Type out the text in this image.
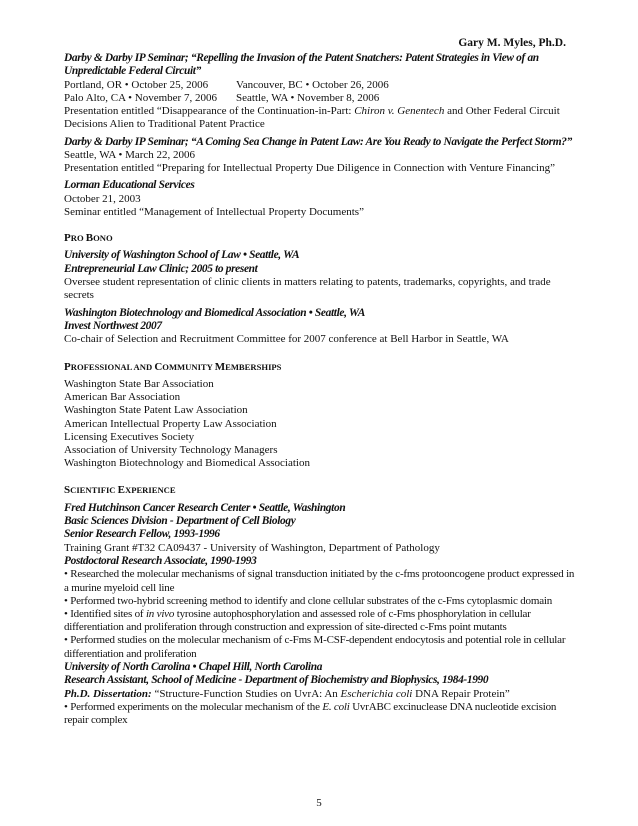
Gary M. Myles, Ph.D.
Darby & Darby IP Seminar; “Repelling the Invasion of the Patent Snatchers: Patent Strategies in View of an Unpredictable Federal Circuit”
Portland, OR • October 25, 2006	Vancouver, BC • October 26, 2006
Palo Alto, CA • November 7, 2006	Seattle, WA • November 8, 2006
Presentation entitled “Disappearance of the Continuation-in-Part: Chiron v. Genentech and Other Federal Circuit Decisions Alien to Traditional Patent Practice
Darby & Darby IP Seminar; “A Coming Sea Change in Patent Law: Are You Ready to Navigate the Perfect Storm?”
Seattle, WA • March 22, 2006
Presentation entitled “Preparing for Intellectual Property Due Diligence in Connection with Venture Financing”
Lorman Educational Services
October 21, 2003
Seminar entitled “Management of Intellectual Property Documents”
PRO BONO
University of Washington School of Law • Seattle, WA
Entrepreneurial Law Clinic; 2005 to present
Oversee student representation of clinic clients in matters relating to patents, trademarks, copyrights, and trade secrets
Washington Biotechnology and Biomedical Association • Seattle, WA
Invest Northwest 2007
Co-chair of Selection and Recruitment Committee for 2007 conference at Bell Harbor in Seattle, WA
PROFESSIONAL AND COMMUNITY MEMBERSHIPS
Washington State Bar Association
American Bar Association
Washington State Patent Law Association
American Intellectual Property Law Association
Licensing Executives Society
Association of University Technology Managers
Washington Biotechnology and Biomedical Association
SCIENTIFIC EXPERIENCE
Fred Hutchinson Cancer Research Center • Seattle, Washington
Basic Sciences Division - Department of Cell Biology
Senior Research Fellow, 1993-1996
Training Grant #T32 CA09437 - University of Washington, Department of Pathology
Postdoctoral Research Associate, 1990-1993
• Researched the molecular mechanisms of signal transduction initiated by the c-fms protooncogene product expressed in a murine myeloid cell line
• Performed two-hybrid screening method to identify and clone cellular substrates of the c-Fms cytoplasmic domain
• Identified sites of in vivo tyrosine autophosphorylation and assessed role of c-Fms phosphorylation in cellular differentiation and proliferation through construction and expression of site-directed c-Fms point mutants
• Performed studies on the molecular mechanism of c-Fms M-CSF-dependent endocytosis and potential role in cellular differentiation and proliferation
University of North Carolina • Chapel Hill, North Carolina
Research Assistant, School of Medicine - Department of Biochemistry and Biophysics, 1984-1990
Ph.D. Dissertation: “Structure-Function Studies on UvrA: An Escherichia coli DNA Repair Protein”
• Performed experiments on the molecular mechanism of the E. coli UvrABC excinuclease DNA nucleotide excision repair complex
5
